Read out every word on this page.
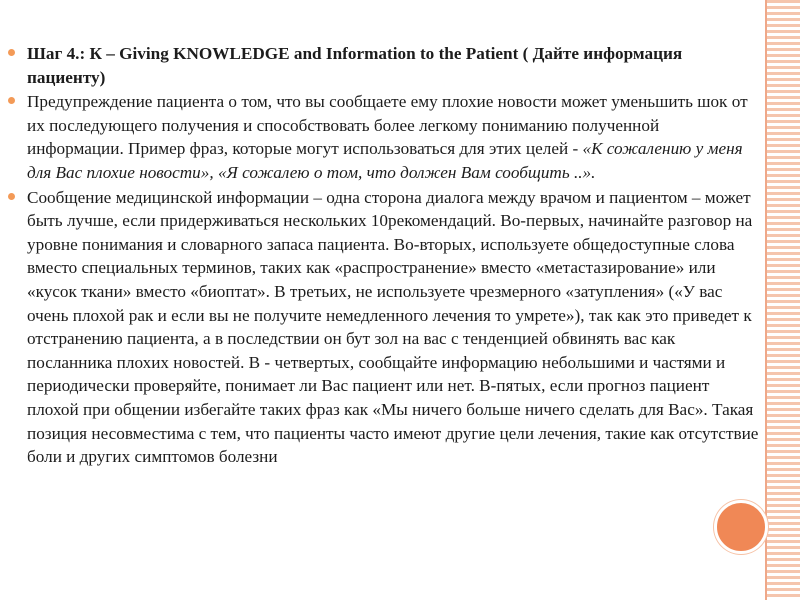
Шаг 4.: К – Giving KNOWLEDGE and Information to the Patient ( Дайте информация пациенту)
Предупреждение пациента о том, что вы сообщаете ему плохие новости может уменьшить шок от их последующего получения и способствовать более легкому пониманию полученной информации. Пример фраз, которые могут использоваться для этих целей - «К сожалению у меня для Вас плохие новости», «Я сожалею о том, что должен Вам сообщить ..».
Сообщение медицинской информации – одна сторона диалога между врачом и пациентом – может быть лучше, если придерживаться нескольких 10рекомендаций. Во-первых, начинайте разговор на уровне понимания и словарного запаса пациента. Во-вторых, используете общедоступные слова вместо специальных терминов, таких как «распространение» вместо «метастазирование» или «кусок ткани» вместо «биоптат». В третьих, не используете чрезмерного «затупления» («У вас очень плохой рак и если вы не получите немедленного лечения то умрете»), так как это приведет к отстранению пациента, а в последствии он бут зол на вас с тенденцией обвинять вас как посланника плохих новостей. В - четвертых, сообщайте информацию небольшими и частями и периодически проверяйте, понимает ли Вас пациент или нет. В-пятых, если прогноз пациент плохой при общении избегайте таких фраз как «Мы ничего больше ничего сделать для Вас». Такая позиция несовместима с тем, что пациенты часто имеют другие цели лечения, такие как отсутствие боли и других симптомов болезни
